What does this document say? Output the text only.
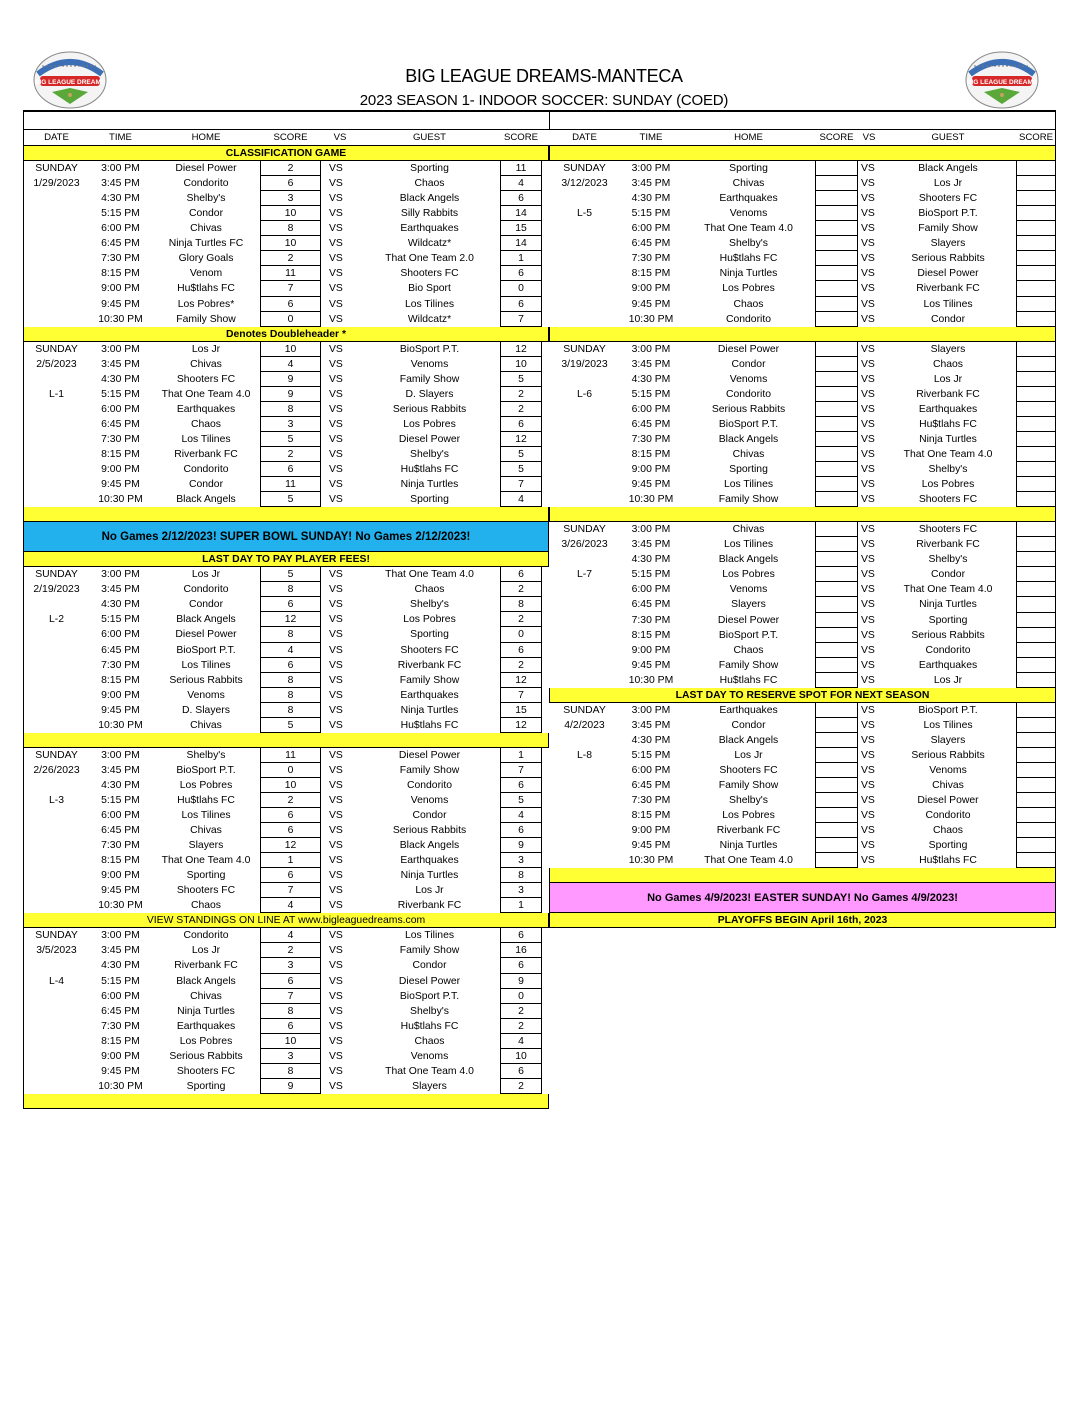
BIG LEAGUE DREAMS	BIG LEAGUE DREAMS
BIG LEAGUE DREAMS-MANTECA
2023 SEASON 1- INDOOR SOCCER: SUNDAY (COED)
DATE	TIME	HOME	SCORE	VS	GUEST	SCORE
CLASSIFICATION GAME
SUNDAY	3:00 PM	Diesel Power	2	VS	Sporting	11
1/29/2023	3:45 PM	Condorito	6	VS	Chaos	4
4:30 PM	Shelby's	3	VS	Black Angels	6
5:15 PM	Condor	10	VS	Silly Rabbits	14
6:00 PM	Chivas	8	VS	Earthquakes	15
6:45 PM	Ninja Turtles FC	10	VS	Wildcatz*	14
7:30 PM	Glory Goals	2	VS	That One Team 2.0	1
8:15 PM	Venom	11	VS	Shooters FC	6
9:00 PM	Hu$tlahs FC	7	VS	Bio Sport	0
9:45 PM	Los Pobres*	6	VS	Los Tilines	6
10:30 PM	Family Show	0	VS	Wildcatz*	7
Denotes Doubleheader *
SUNDAY	3:00 PM	Los Jr	10	VS	BioSport P.T.	12
2/5/2023	3:45 PM	Chivas	4	VS	Venoms	10
4:30 PM	Shooters FC	9	VS	Family Show	5
L-1	5:15 PM	That One Team 4.0	9	VS	D. Slayers	2
6:00 PM	Earthquakes	8	VS	Serious Rabbits	2
6:45 PM	Chaos	3	VS	Los Pobres	6
7:30 PM	Los Tilines	5	VS	Diesel Power	12
8:15 PM	Riverbank FC	2	VS	Shelby's	5
9:00 PM	Condorito	6	VS	Hu$tlahs FC	5
9:45 PM	Condor	11	VS	Ninja Turtles	7
10:30 PM	Black Angels	5	VS	Sporting	4
No Games 2/12/2023! SUPER BOWL SUNDAY! No Games 2/12/2023!
LAST DAY TO PAY PLAYER FEES!
SUNDAY	3:00 PM	Los Jr	5	VS	That One Team 4.0	6
2/19/2023	3:45 PM	Condorito	8	VS	Chaos	2
4:30 PM	Condor	6	VS	Shelby's	8
L-2	5:15 PM	Black Angels	12	VS	Los Pobres	2
6:00 PM	Diesel Power	8	VS	Sporting	0
6:45 PM	BioSport P.T.	4	VS	Shooters FC	6
7:30 PM	Los Tilines	6	VS	Riverbank FC	2
8:15 PM	Serious Rabbits	8	VS	Family Show	12
9:00 PM	Venoms	8	VS	Earthquakes	7
9:45 PM	D. Slayers	8	VS	Ninja Turtles	15
10:30 PM	Chivas	5	VS	Hu$tlahs FC	12
SUNDAY	3:00 PM	Shelby's	11	VS	Diesel Power	1
2/26/2023	3:45 PM	BioSport P.T.	0	VS	Family Show	7
4:30 PM	Los Pobres	10	VS	Condorito	6
L-3	5:15 PM	Hu$tlahs FC	2	VS	Venoms	5
6:00 PM	Los Tilines	6	VS	Condor	4
6:45 PM	Chivas	6	VS	Serious Rabbits	6
7:30 PM	Slayers	12	VS	Black Angels	9
8:15 PM	That One Team 4.0	1	VS	Earthquakes	3
9:00 PM	Sporting	6	VS	Ninja Turtles	8
9:45 PM	Shooters FC	7	VS	Los Jr	3
10:30 PM	Chaos	4	VS	Riverbank FC	1
VIEW STANDINGS ON LINE AT www.bigleaguedreams.com
SUNDAY	3:00 PM	Condorito	4	VS	Los Tilines	6
3/5/2023	3:45 PM	Los Jr	2	VS	Family Show	16
4:30 PM	Riverbank FC	3	VS	Condor	6
L-4	5:15 PM	Black Angels	6	VS	Diesel Power	9
6:00 PM	Chivas	7	VS	BioSport P.T.	0
6:45 PM	Ninja Turtles	8	VS	Shelby's	2
7:30 PM	Earthquakes	6	VS	Hu$tlahs FC	2
8:15 PM	Los Pobres	10	VS	Chaos	4
9:00 PM	Serious Rabbits	3	VS	Venoms	10
9:45 PM	Shooters FC	8	VS	That One Team 4.0	6
10:30 PM	Sporting	9	VS	Slayers	2
DATE	TIME	HOME	SCORE VS	GUEST	SCORE
SUNDAY	3:00 PM	Sporting	VS	Black Angels
3/12/2023	3:45 PM	Chivas	VS	Los Jr
4:30 PM	Earthquakes	VS	Shooters FC
L-5	5:15 PM	Venoms	VS	BioSport P.T.
6:00 PM	That One Team 4.0	VS	Family Show
6:45 PM	Shelby's	VS	Slayers
7:30 PM	Hu$tlahs FC	VS	Serious Rabbits
8:15 PM	Ninja Turtles	VS	Diesel Power
9:00 PM	Los Pobres	VS	Riverbank FC
9:45 PM	Chaos	VS	Los Tilines
10:30 PM	Condorito	VS	Condor
SUNDAY	3:00 PM	Diesel Power	VS	Slayers
3/19/2023	3:45 PM	Condor	VS	Chaos
4:30 PM	Venoms	VS	Los Jr
L-6	5:15 PM	Condorito	VS	Riverbank FC
6:00 PM	Serious Rabbits	VS	Earthquakes
6:45 PM	BioSport P.T.	VS	Hu$tlahs FC
7:30 PM	Black Angels	VS	Ninja Turtles
8:15 PM	Chivas	VS	That One Team 4.0
9:00 PM	Sporting	VS	Shelby's
9:45 PM	Los Tilines	VS	Los Pobres
10:30 PM	Family Show	VS	Shooters FC
SUNDAY	3:00 PM	Chivas	VS	Shooters FC
3/26/2023	3:45 PM	Los Tilines	VS	Riverbank FC
4:30 PM	Black Angels	VS	Shelby's
L-7	5:15 PM	Los Pobres	VS	Condor
6:00 PM	Venoms	VS	That One Team 4.0
6:45 PM	Slayers	VS	Ninja Turtles
7:30 PM	Diesel Power	VS	Sporting
8:15 PM	BioSport P.T.	VS	Serious Rabbits
9:00 PM	Chaos	VS	Condorito
9:45 PM	Family Show	VS	Earthquakes
10:30 PM	Hu$tlahs FC	VS	Los Jr
LAST DAY TO RESERVE SPOT FOR NEXT SEASON
SUNDAY	3:00 PM	Earthquakes	VS	BioSport P.T.
4/2/2023	3:45 PM	Condor	VS	Los Tilines
4:30 PM	Black Angels	VS	Slayers
L-8	5:15 PM	Los Jr	VS	Serious Rabbits
6:00 PM	Shooters FC	VS	Venoms
6:45 PM	Family Show	VS	Chivas
7:30 PM	Shelby's	VS	Diesel Power
8:15 PM	Los Pobres	VS	Condorito
9:00 PM	Riverbank FC	VS	Chaos
9:45 PM	Ninja Turtles	VS	Sporting
10:30 PM	That One Team 4.0	VS	Hu$tlahs FC
No Games 4/9/2023! EASTER SUNDAY! No Games 4/9/2023!
PLAYOFFS BEGIN April 16th, 2023
